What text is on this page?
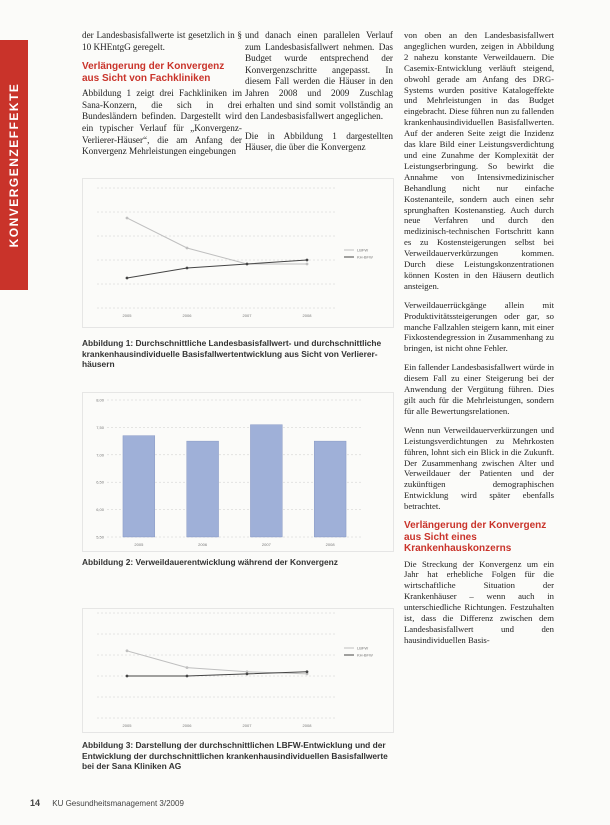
KONVERGENZEFFEKTE

der Landesbasisfallwerte ist gesetzlich in § 10 KHEntgG geregelt.

Verlängerung der Konvergenz aus Sicht von Fachkliniken

Abbildung 1 zeigt drei Fachkliniken im Sana-Konzern, die sich in drei Bundesländern befinden. Dargestellt wird ein typischer Verlauf für „Konvergenz-Verlierer-Häuser“, die am Anfang der Konvergenz Mehrleistungen eingebungen

und danach einen parallelen Verlauf zum Landesbasisfallwert nehmen. Das Budget wurde entsprechend der Konvergenzschritte angepasst. In diesem Fall werden die Häuser in den Jahren 2008 und 2009 Zuschlag erhalten und sind somit vollständig an den Landesbasisfallwert angeglichen.

Die in Abbildung 1 dargestellten Häuser, die über die Konvergenz

von oben an den Landesbasisfallwert angeglichen wurden, zeigen in Abbildung 2 nahezu konstante Verweildauern. Die Casemix-Entwicklung verläuft steigend, obwohl gerade am Anfang des DRG-Systems wurden positive Katalogeffekte und Mehrleistungen in das Budget eingebracht. Diese führen nun zu fallenden krankenhausindividuellen Basisfallwerten. Auf der anderen Seite zeigt die Inzidenz das klare Bild einer Leistungsverdichtung und eine Zunahme der Komplexität der Leistungserbringung. So bewirkt die Annahme von Intensivmedizinischer Behandlung nicht nur einfache Kostenanteile, sondern auch einen sehr sprunghaften Kostenanstieg. Auch durch neue Verfahren und durch den medizinisch-technischen Fortschritt kann es zu Kostensteigerungen selbst bei Verweildauerverkürzungen kommen. Durch diese Leistungskonzentrationen können Kosten in den Häusern deutlich ansteigen.

Verweildauerrückgänge allein mit Produktivitätssteigerungen oder gar, so manche Fallzahlen steigern kann, mit einer Fixkostendegression in Zusammenhang zu bringen, ist nicht ohne Fehler.

Ein fallender Landesbasisfallwert würde in diesem Fall zu einer Steigerung bei der Anwendung der Vergütung führen. Dies gilt auch für die Mehrleistungen, sondern für alle Bewertungsrelationen.

Wenn nun Verweildauerverkürzungen und Leistungsverdichtungen zu Mehrkosten führen, lohnt sich ein Blick in die Zukunft. Der Zusammenhang zwischen Alter und Verweildauer der Patienten und der zukünftigen demographischen Entwicklung wird später ebenfalls betrachtet.

Verlängerung der Konvergenz aus Sicht eines Krankenhauskonzerns

Die Streckung der Konvergenz um ein Jahr hat erhebliche Folgen für die wirtschaftliche Situation der Krankenhäuser – wenn auch in unterschiedliche Richtungen. Festzuhalten ist, dass die Differenz zwischen dem Landesbasisfallwert und den hausindividuellen Basis-

2005	2006	2007	2008
LBFW
KH-BFW
Abbildung 1: Durchschnittliche Landesbasisfallwert- und durchschnittliche krankenhausindividuelle Basisfallwertentwicklung aus Sicht von Verlierer-häusern
5,50
6,00
6,50
7,00
7,50
8,00
2005	2006	2007	2008
Abbildung 2: Verweildauerentwicklung während der Konvergenz
2005	2006	2007	2008
LBFW
KH-BFW
Abbildung 3: Darstellung der durchschnittlichen LBFW-Entwicklung und der Entwicklung der durchschnittlichen krankenhausindividuellen Basisfallwerte bei der Sana Kliniken AG
14 KU Gesundheitsmanagement 3/2009
